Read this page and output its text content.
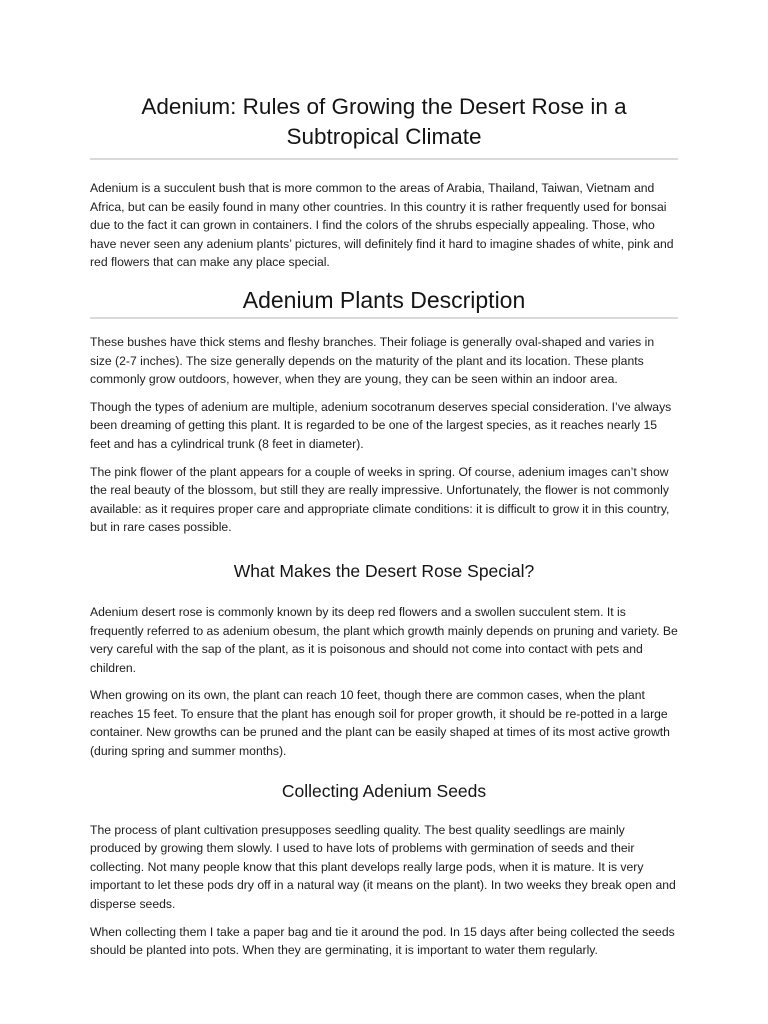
Adenium: Rules of Growing the Desert Rose in a Subtropical Climate

Adenium is a succulent bush that is more common to the areas of Arabia, Thailand, Taiwan, Vietnam and Africa, but can be easily found in many other countries. In this country it is rather frequently used for bonsai due to the fact it can grown in containers. I find the colors of the shrubs especially appealing. Those, who have never seen any adenium plants’ pictures, will definitely find it hard to imagine shades of white, pink and red flowers that can make any place special.

Adenium Plants Description

These bushes have thick stems and fleshy branches. Their foliage is generally oval-shaped and varies in size (2-7 inches). The size generally depends on the maturity of the plant and its location. These plants commonly grow outdoors, however, when they are young, they can be seen within an indoor area.

Though the types of adenium are multiple, adenium socotranum deserves special consideration. I’ve always been dreaming of getting this plant. It is regarded to be one of the largest species, as it reaches nearly 15 feet and has a cylindrical trunk (8 feet in diameter).

The pink flower of the plant appears for a couple of weeks in spring. Of course, adenium images can’t show the real beauty of the blossom, but still they are really impressive. Unfortunately, the flower is not commonly available: as it requires proper care and appropriate climate conditions: it is difficult to grow it in this country, but in rare cases possible.

What Makes the Desert Rose Special?

Adenium desert rose is commonly known by its deep red flowers and a swollen succulent stem. It is frequently referred to as adenium obesum, the plant which growth mainly depends on pruning and variety. Be very careful with the sap of the plant, as it is poisonous and should not come into contact with pets and children.

When growing on its own, the plant can reach 10 feet, though there are common cases, when the plant reaches 15 feet. To ensure that the plant has enough soil for proper growth, it should be re-potted in a large container. New growths can be pruned and the plant can be easily shaped at times of its most active growth (during spring and summer months).

Collecting Adenium Seeds

The process of plant cultivation presupposes seedling quality. The best quality seedlings are mainly produced by growing them slowly. I used to have lots of problems with germination of seeds and their collecting. Not many people know that this plant develops really large pods, when it is mature. It is very important to let these pods dry off in a natural way (it means on the plant). In two weeks they break open and disperse seeds.

When collecting them I take a paper bag and tie it around the pod. In 15 days after being collected the seeds should be planted into pots. When they are germinating, it is important to water them regularly.
